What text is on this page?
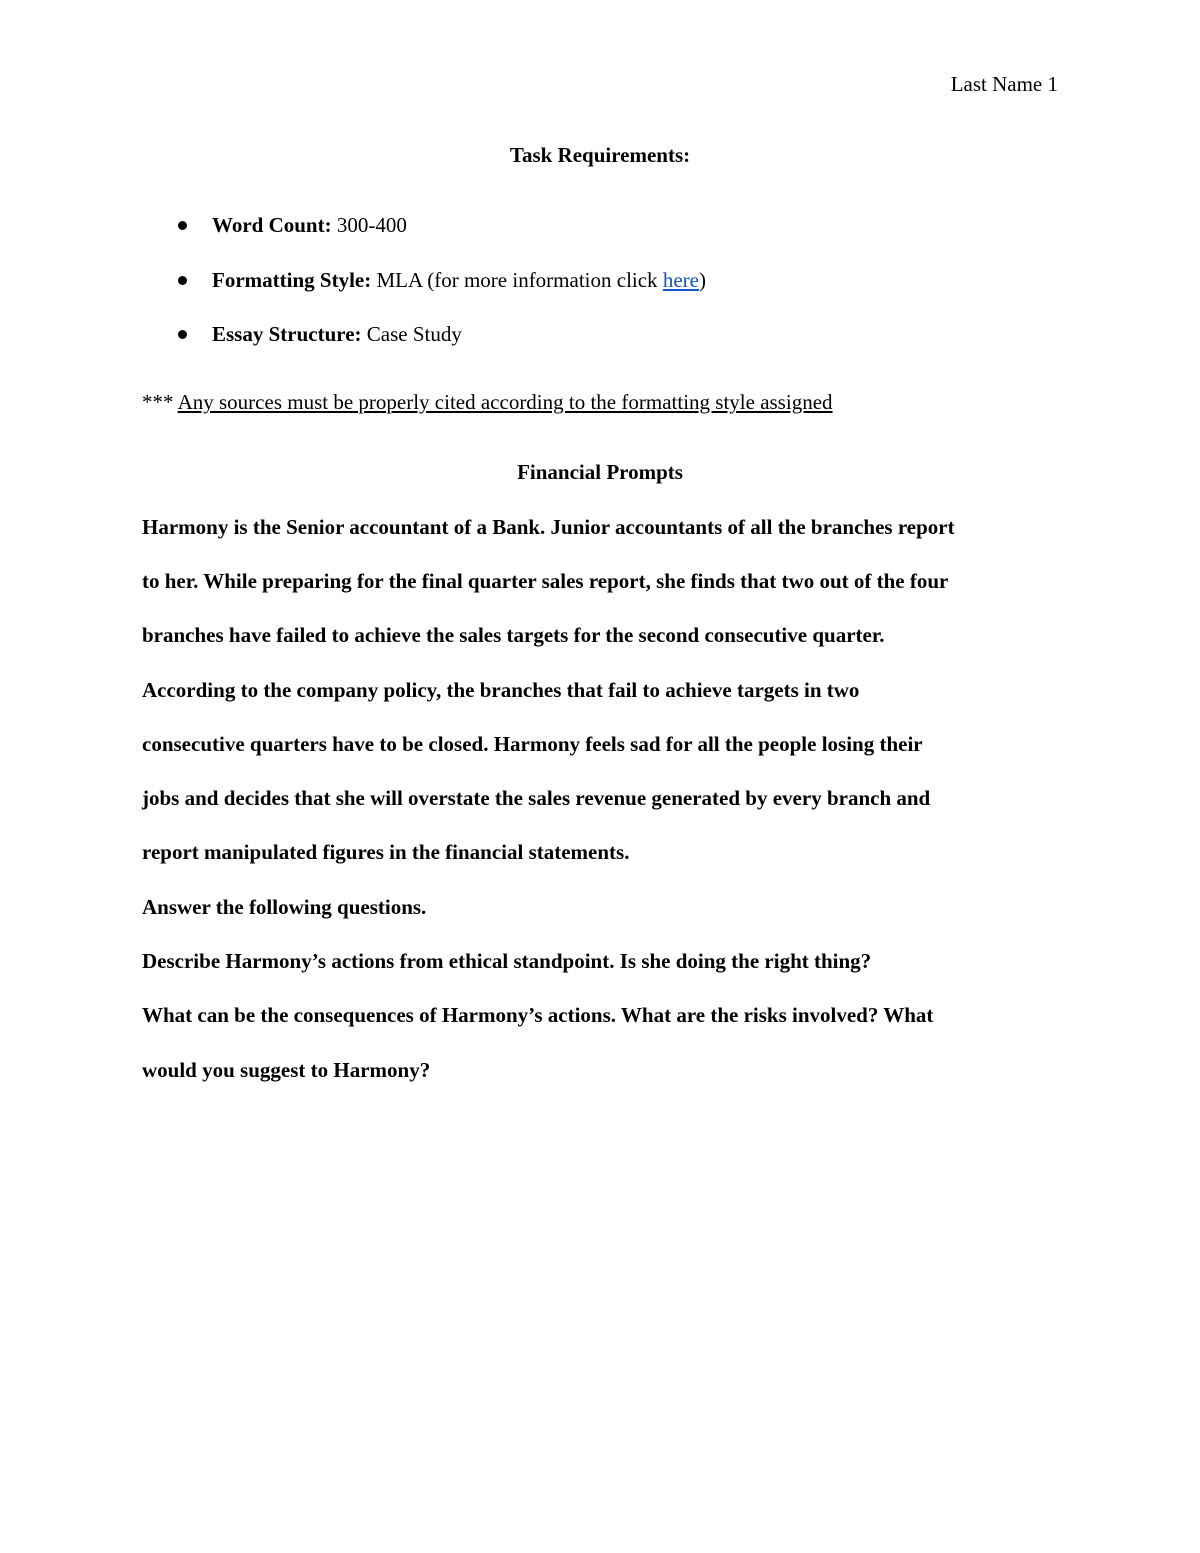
Last Name 1
Task Requirements:
Word Count: 300-400
Formatting Style: MLA (for more information click here)
Essay Structure: Case Study
*** Any sources must be properly cited according to the formatting style assigned
Financial Prompts
Harmony is the Senior accountant of a Bank. Junior accountants of all the branches report
to her. While preparing for the final quarter sales report, she finds that two out of the four
branches have failed to achieve the sales targets for the second consecutive quarter.
According to the company policy, the branches that fail to achieve targets in two
consecutive quarters have to be closed. Harmony feels sad for all the people losing their
jobs and decides that she will overstate the sales revenue generated by every branch and
report manipulated figures in the financial statements.
Answer the following questions.
Describe Harmony’s actions from ethical standpoint. Is she doing the right thing?
What can be the consequences of Harmony’s actions. What are the risks involved? What
would you suggest to Harmony?
